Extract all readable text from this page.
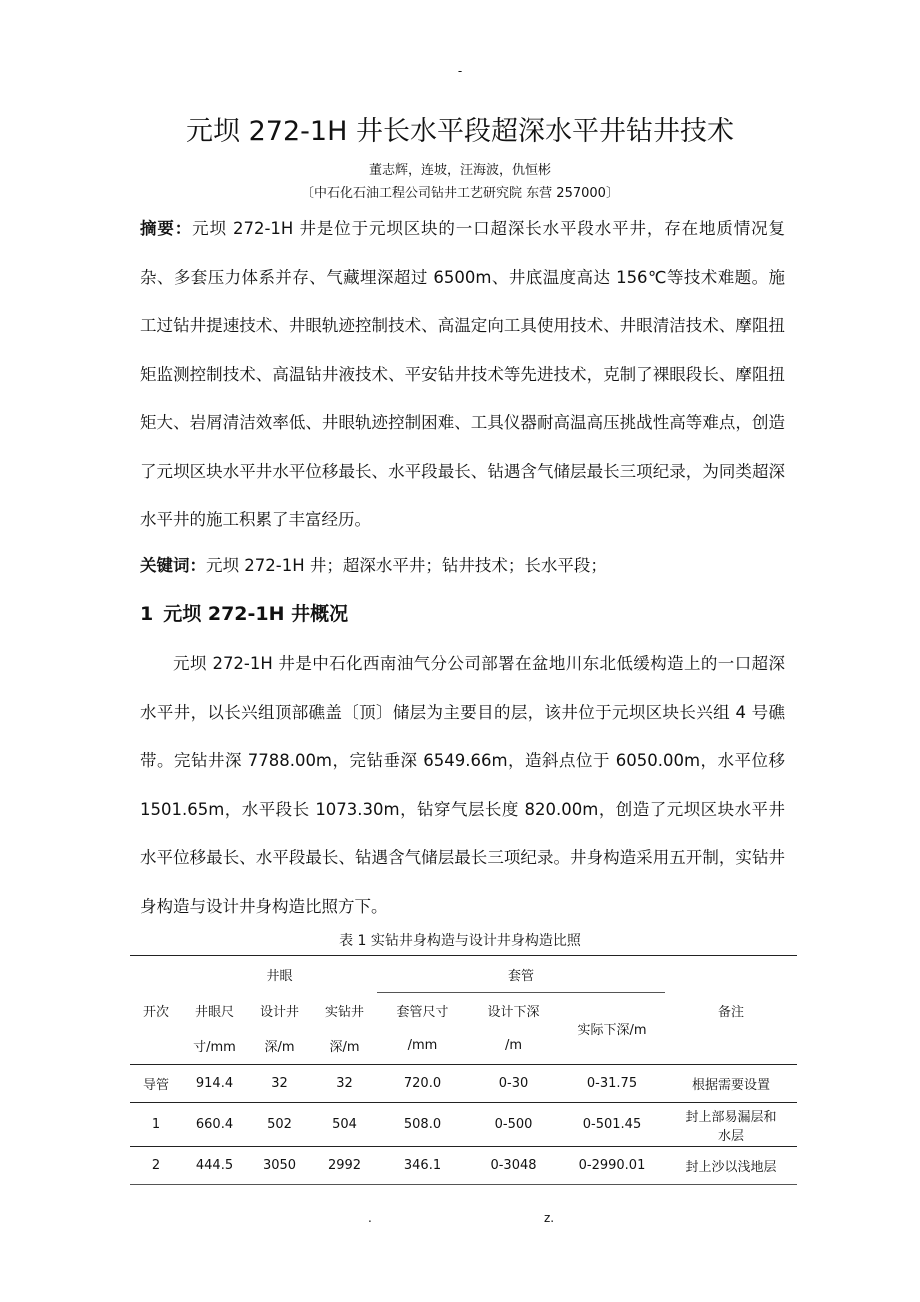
-
元坝 272-1H 井长水平段超深水平井钻井技术
董志辉，连坡，汪海波，仇恒彬
〔中石化石油工程公司钻井工艺研究院 东营 257000〕
摘要：元坝 272-1H 井是位于元坝区块的一口超深长水平段水平井，存在地质情况复杂、多套压力体系并存、气藏埋深超过 6500m、井底温度高达 156℃等技术难题。施工过钻井提速技术、井眼轨迹控制技术、高温定向工具使用技术、井眼清洁技术、摩阻扭矩监测控制技术、高温钻井液技术、平安钻井技术等先进技术，克制了裸眼段长、摩阻扭矩大、岩屑清洁效率低、井眼轨迹控制困难、工具仪器耐高温高压挑战性高等难点，创造了元坝区块水平井水平位移最长、水平段最长、钻遇含气储层最长三项纪录，为同类超深水平井的施工积累了丰富经历。
关键词：元坝 272-1H 井；超深水平井；钻井技术；长水平段；
1 元坝 272-1H 井概况
元坝 272-1H 井是中石化西南油气分公司部署在盆地川东北低缓构造上的一口超深水平井，以长兴组顶部礁盖〔顶〕储层为主要目的层，该井位于元坝区块长兴组 4 号礁带。完钻井深 7788.00m，完钻垂深 6549.66m，造斜点位于 6050.00m，水平位移 1501.65m，水平段长 1073.30m，钻穿气层长度 820.00m，创造了元坝区块水平井水平位移最长、水平段最长、钻遇含气储层最长三项纪录。井身构造采用五开制，实钻井身构造与设计井身构造比照方下。
表 1 实钻井身构造与设计井身构造比照
开次	井眼			套管			备注
	井眼尺	设计井	实钻井	套管尺寸	设计下深	实际下深/m	
	寸/mm	深/m	深/m	/mm	/m		
导管	914.4	32	32	720.0	0-30	0-31.75	根据需要设置
1	660.4	502	504	508.0	0-500	0-501.45	封上部易漏层和
水层

2	444.5	3050	2992	346.1	0-3048	0-2990.01	封上沙以浅地层
.	z.
